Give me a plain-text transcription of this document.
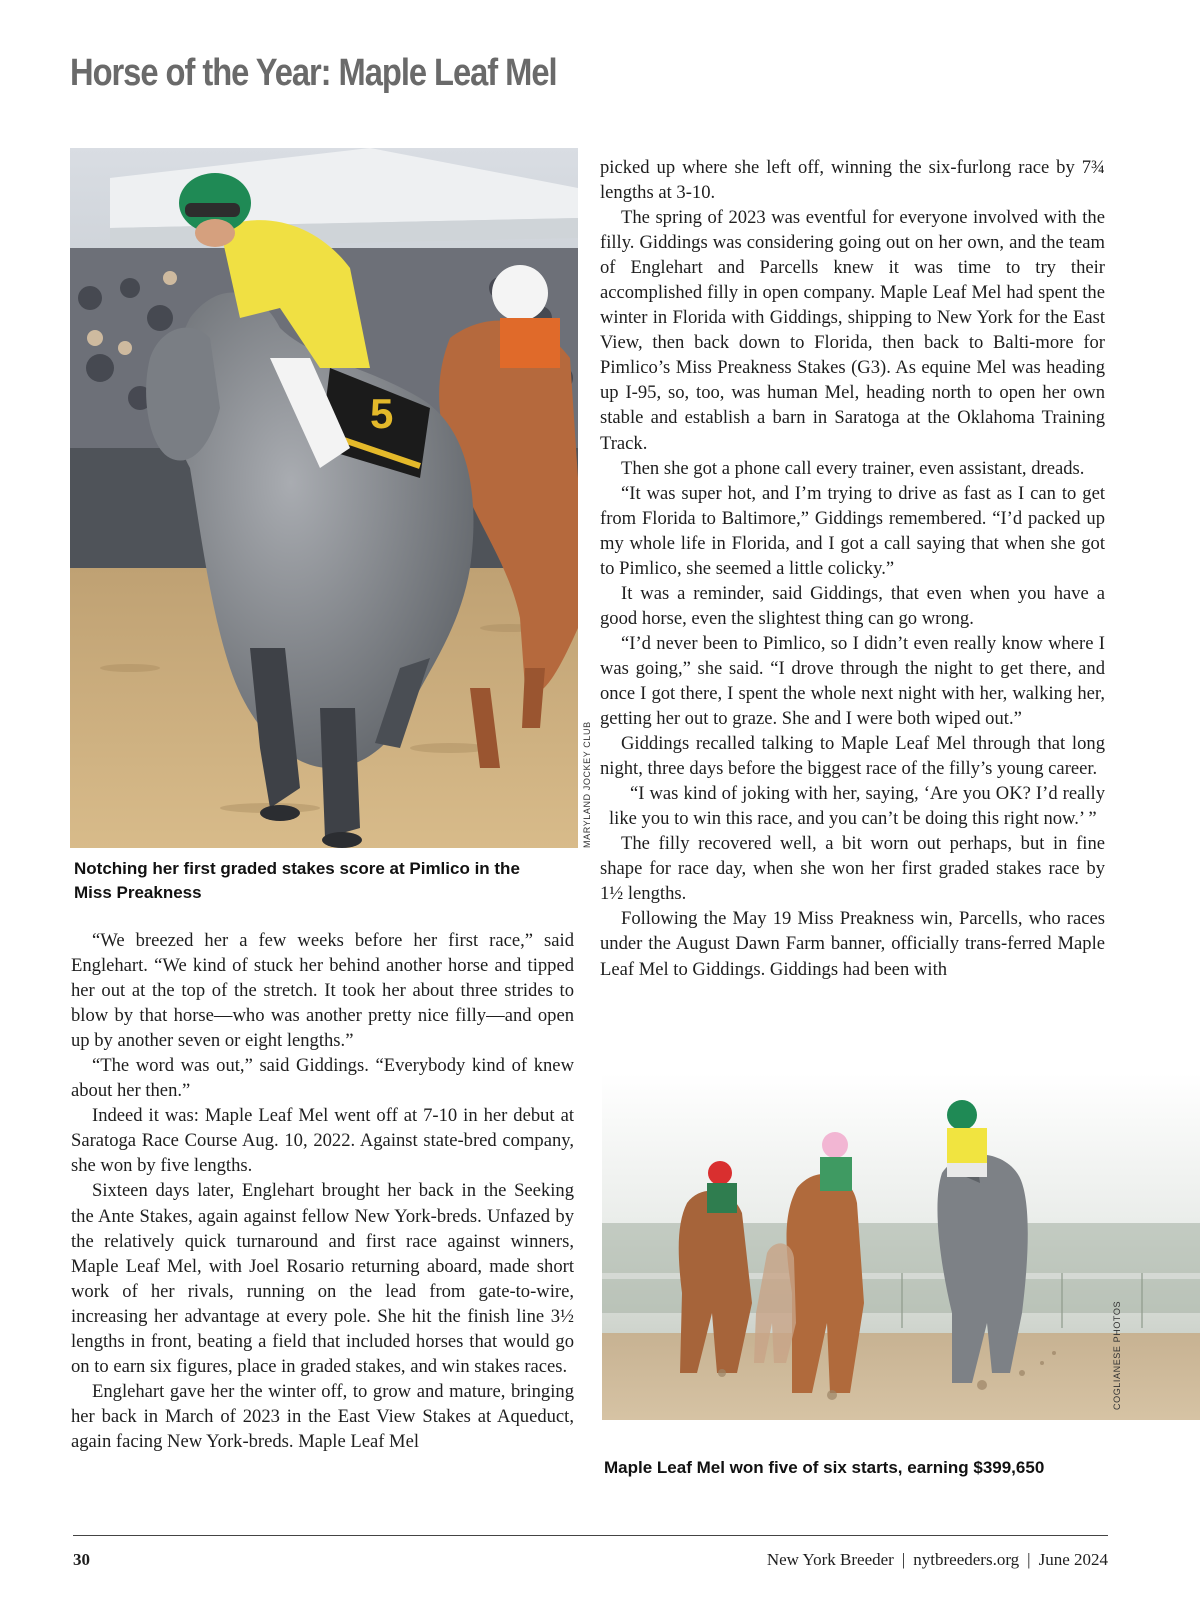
Horse of the Year: Maple Leaf Mel
5
MARYLAND JOCKEY CLUB

Notching her first graded stakes score at Pimlico in the Miss Preakness

“We breezed her a few weeks before her first race,” said Englehart. “We kind of stuck her behind another horse and tipped her out at the top of the stretch. It took her about three strides to blow by that horse—who was another pretty nice filly—and open up by another seven or eight lengths.”

“The word was out,” said Giddings. “Everybody kind of knew about her then.”

Indeed it was: Maple Leaf Mel went off at 7-10 in her debut at Saratoga Race Course Aug. 10, 2022. Against state-bred company, she won by five lengths.

Sixteen days later, Englehart brought her back in the Seeking the Ante Stakes, again against fellow New York-breds. Unfazed by the relatively quick turnaround and first race against winners, Maple Leaf Mel, with Joel Rosario returning aboard, made short work of her rivals, running on the lead from gate-to-wire, increasing her advantage at every pole. She hit the finish line 3½ lengths in front, beating a field that included horses that would go on to earn six figures, place in graded stakes, and win stakes races.

Englehart gave her the winter off, to grow and mature, bringing her back in March of 2023 in the East View Stakes at Aqueduct, again facing New York-breds. Maple Leaf Mel

picked up where she left off, winning the six-furlong race by 7¾ lengths at 3-10.

The spring of 2023 was eventful for everyone involved with the filly. Giddings was considering going out on her own, and the team of Englehart and Parcells knew it was time to try their accomplished filly in open company. Maple Leaf Mel had spent the winter in Florida with Giddings, shipping to New York for the East View, then back down to Florida, then back to Balti-more for Pimlico’s Miss Preakness Stakes (G3). As equine Mel was heading up I-95, so, too, was human Mel, heading north to open her own stable and establish a barn in Saratoga at the Oklahoma Training Track.

Then she got a phone call every trainer, even assistant, dreads.

“It was super hot, and I’m trying to drive as fast as I can to get from Florida to Baltimore,” Giddings remembered. “I’d packed up my whole life in Florida, and I got a call saying that when she got to Pimlico, she seemed a little colicky.”

It was a reminder, said Giddings, that even when you have a good horse, even the slightest thing can go wrong.

“I’d never been to Pimlico, so I didn’t even really know where I was going,” she said. “I drove through the night to get there, and once I got there, I spent the whole next night with her, walking her, getting her out to graze. She and I were both wiped out.”

Giddings recalled talking to Maple Leaf Mel through that long night, three days before the biggest race of the filly’s young career.

“I was kind of joking with her, saying, ‘Are you OK? I’d really like you to win this race, and you can’t be doing this right now.’ ”

The filly recovered well, a bit worn out perhaps, but in fine shape for race day, when she won her first graded stakes race by 1½ lengths.

Following the May 19 Miss Preakness win, Parcells, who races under the August Dawn Farm banner, officially trans-ferred Maple Leaf Mel to Giddings. Giddings had been with

COGLIANESE PHOTOS

Maple Leaf Mel won five of six starts, earning $399,650

30	New York Breeder | nytbreeders.org | June 2024
